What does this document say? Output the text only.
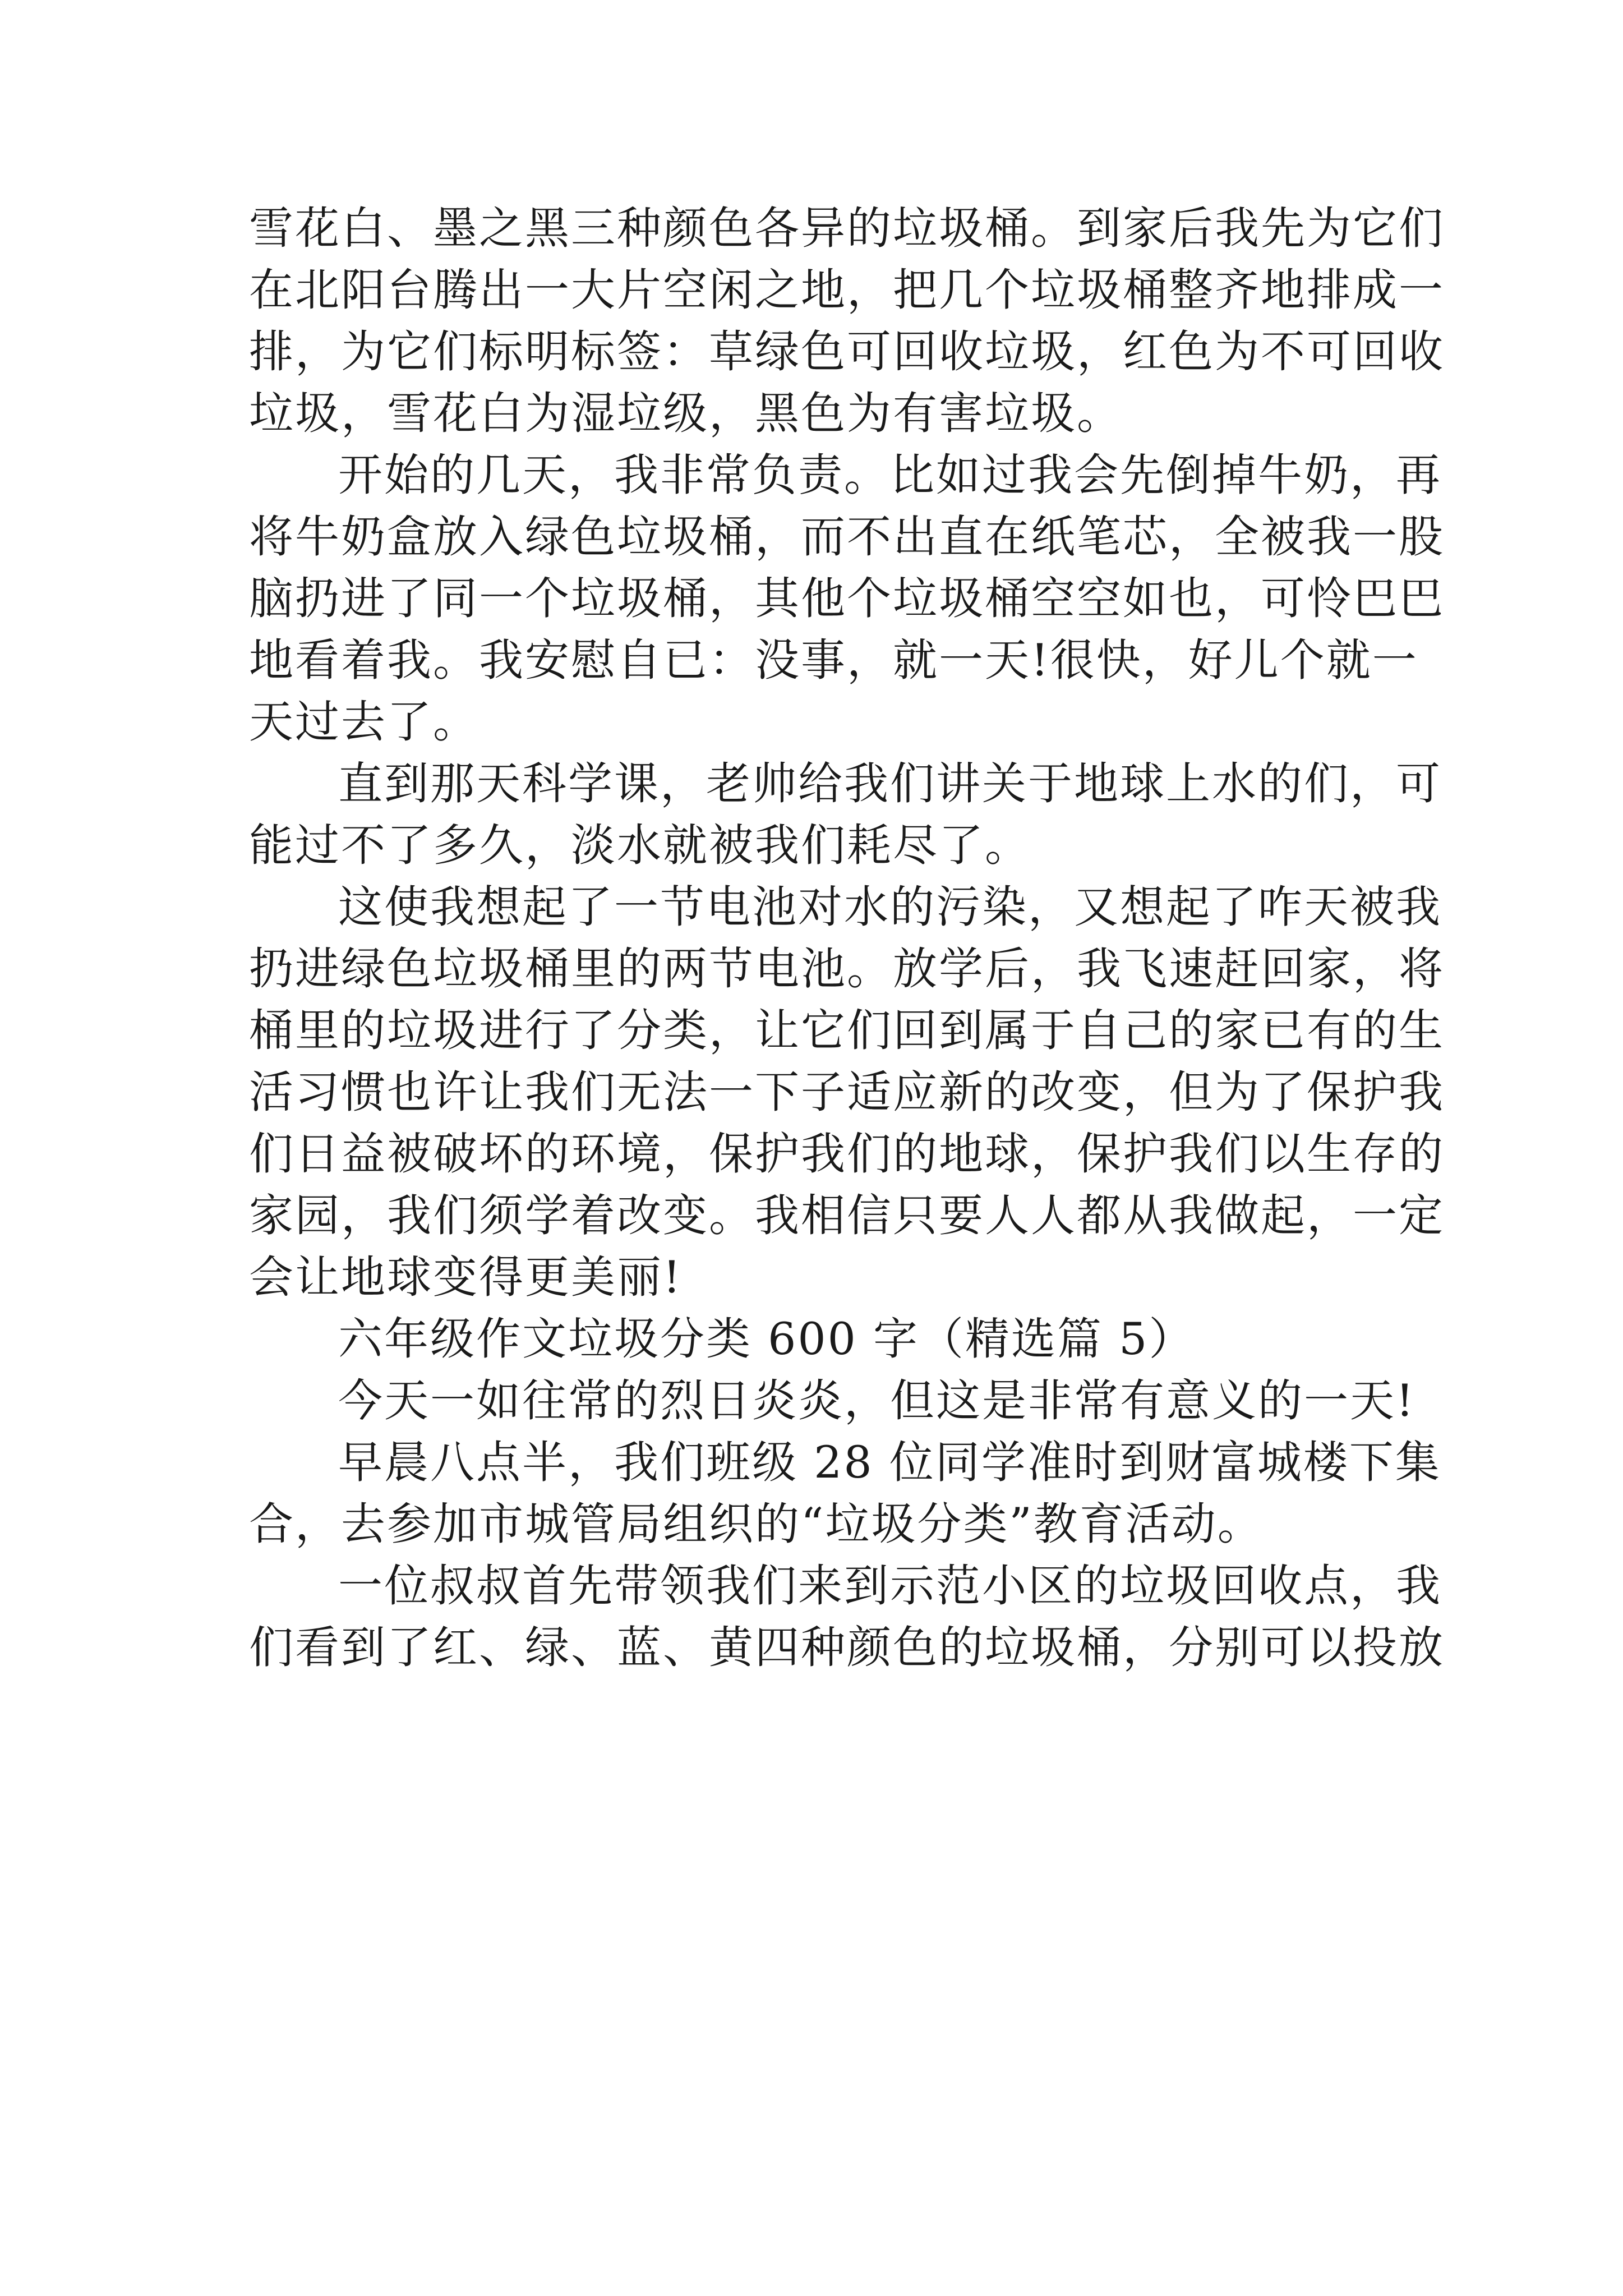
雪花白、墨之黑三种颜色各异的垃圾桶。到家后我先为它们
在北阳台腾出一大片空闲之地，把几个垃圾桶整齐地排成一
排，为它们标明标签：草绿色可回收垃圾，红色为不可回收
垃圾，雪花白为湿垃级，黑色为有害垃圾。
开始的几天，我非常负责。比如过我会先倒掉牛奶，再
将牛奶盒放入绿色垃圾桶，而不出直在纸笔芯，全被我一股
脑扔进了同一个垃圾桶，其他个垃圾桶空空如也，可怜巴巴
地看着我。我安慰自已：没事，就一天!很快，好儿个就一
天过去了。
直到那天科学课，老帅给我们讲关于地球上水的们，可
能过不了多久，淡水就被我们耗尽了。
这使我想起了一节电池对水的污染，又想起了咋天被我
扔进绿色垃圾桶里的两节电池。放学后，我飞速赶回家，将
桶里的垃圾进行了分类，让它们回到属于自己的家已有的生
活习惯也许让我们无法一下子适应新的改变，但为了保护我
们日益被破坏的环境，保护我们的地球，保护我们以生存的
家园，我们须学着改变。我相信只要人人都从我做起，一定
会让地球变得更美丽!
六年级作文垃圾分类 600 字（精选篇 5）
今天一如往常的烈日炎炎，但这是非常有意义的一天!
早晨八点半，我们班级 28 位同学准时到财富城楼下集
合，去参加市城管局组织的“垃圾分类”教育活动。
一位叔叔首先带领我们来到示范小区的垃圾回收点，我
们看到了红、绿、蓝、黄四种颜色的垃圾桶，分别可以投放
